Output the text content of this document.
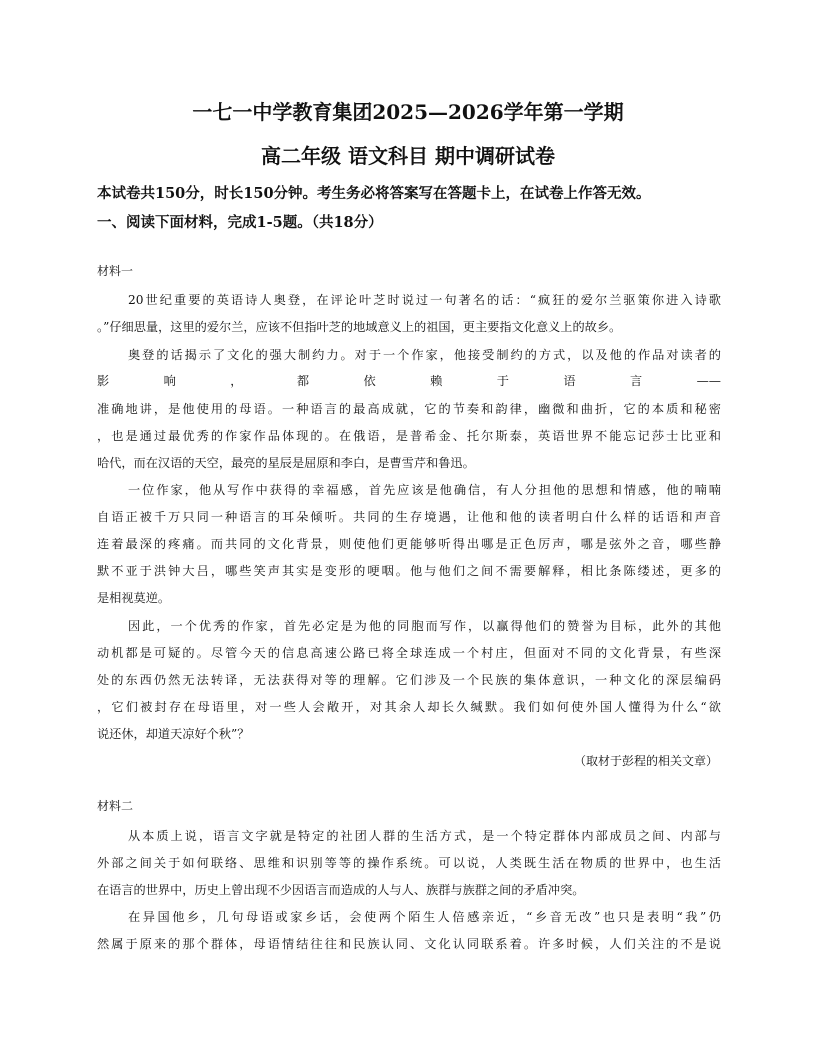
一七一中学教育集团2025—2026学年第一学期
高二年级 语文科目 期中调研试卷
本试卷共150分，时长150分钟。考生务必将答案写在答题卡上，在试卷上作答无效。
一、阅读下面材料，完成1-5题。（共18分）
材料一
20世纪重要的英语诗人奥登，在评论叶芝时说过一句著名的话：“疯狂的爱尔兰驱策你进入诗歌
。”仔细思量，这里的爱尔兰，应该不但指叶芝的地域意义上的祖国，更主要指文化意义上的故乡。
奥登的话揭示了文化的强大制约力。对于一个作家，他接受制约的方式，以及他的作品对读者的
影响，都依赖于语言——
准确地讲，是他使用的母语。一种语言的最高成就，它的节奏和韵律，幽微和曲折，它的本质和秘密
，也是通过最优秀的作家作品体现的。在俄语，是普希金、托尔斯泰，英语世界不能忘记莎士比亚和
哈代，而在汉语的天空，最亮的星辰是屈原和李白，是曹雪芹和鲁迅。
一位作家，他从写作中获得的幸福感，首先应该是他确信，有人分担他的思想和情感，他的喃喃
自语正被千万只同一种语言的耳朵倾听。共同的生存境遇，让他和他的读者明白什么样的话语和声音
连着最深的疼痛。而共同的文化背景，则使他们更能够听得出哪是正色厉声，哪是弦外之音，哪些静
默不亚于洪钟大吕，哪些笑声其实是变形的哽咽。他与他们之间不需要解释，相比条陈缕述，更多的
是相视莫逆。
因此，一个优秀的作家，首先必定是为他的同胞而写作，以赢得他们的赞誉为目标，此外的其他
动机都是可疑的。尽管今天的信息高速公路已将全球连成一个村庄，但面对不同的文化背景，有些深
处的东西仍然无法转译，无法获得对等的理解。它们涉及一个民族的集体意识，一种文化的深层编码
，它们被封存在母语里，对一些人会敞开，对其余人却长久缄默。我们如何使外国人懂得为什么“欲
说还休，却道天凉好个秋”？
（取材于彭程的相关文章）
材料二
从本质上说，语言文字就是特定的社团人群的生活方式，是一个特定群体内部成员之间、内部与
外部之间关于如何联络、思维和识别等等的操作系统。可以说，人类既生活在物质的世界中，也生活
在语言的世界中，历史上曾出现不少因语言而造成的人与人、族群与族群之间的矛盾冲突。
在异国他乡，几句母语或家乡话，会使两个陌生人倍感亲近，“乡音无改”也只是表明“我”仍
然属于原来的那个群体，母语情结往往和民族认同、文化认同联系着。许多时候，人们关注的不是说
